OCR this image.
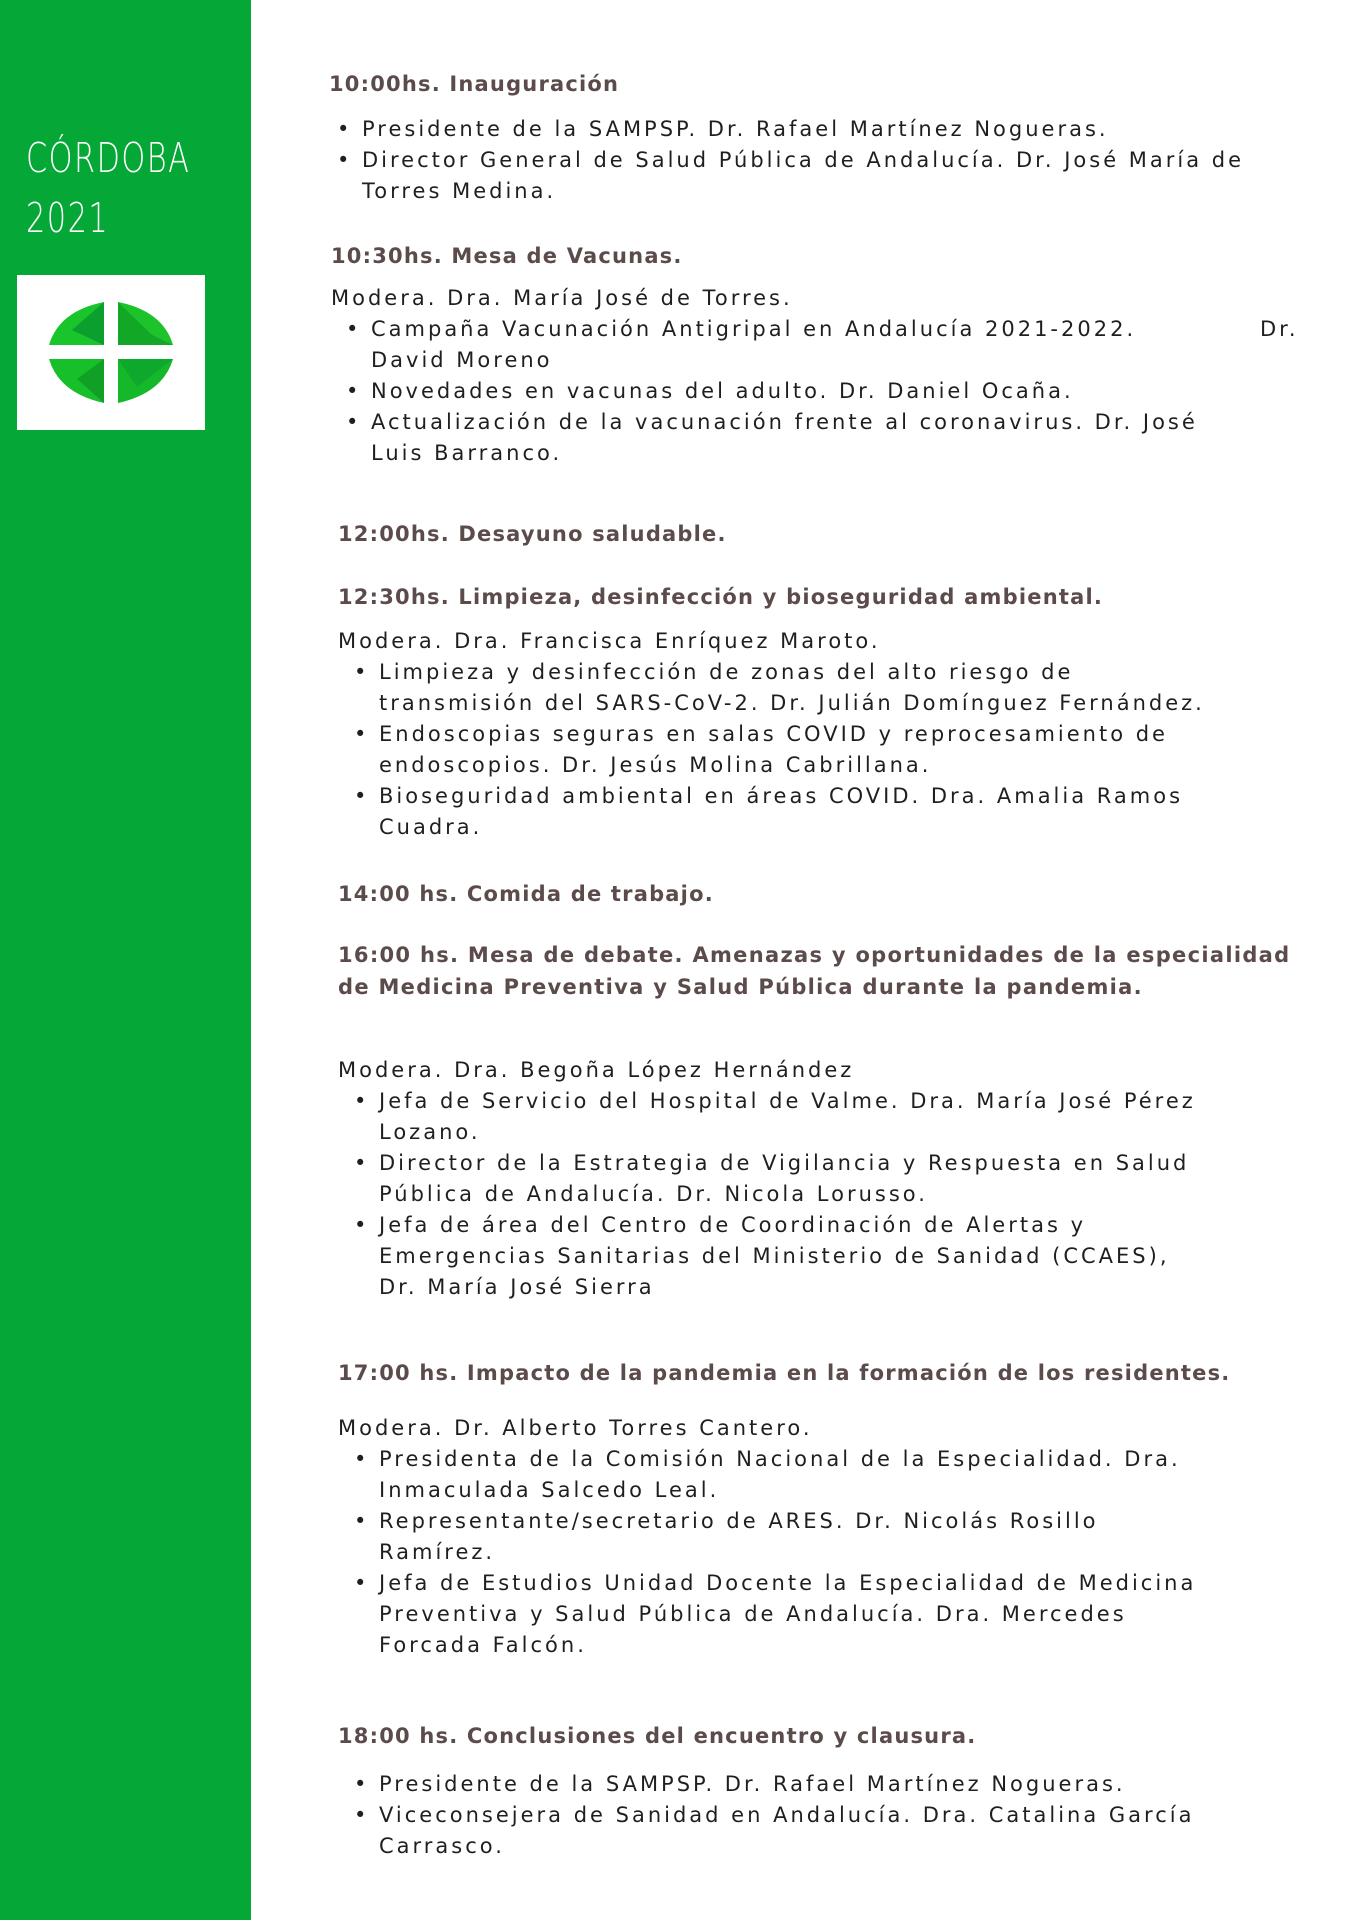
CÓRDOBA
2021
10:00hs. Inauguración
• Presidente de la SAMPSP. Dr. Rafael Martínez Nogueras.
• Director General de Salud Pública de Andalucía. Dr. José María de
Torres Medina.
10:30hs. Mesa de Vacunas.
Modera. Dra. María José de Torres.
• Campaña Vacunación Antigripal en Andalucía 2021-2022.	Dr.
David Moreno
• Novedades en vacunas del adulto. Dr. Daniel Ocaña.
• Actualización de la vacunación frente al coronavirus. Dr. José
Luis Barranco.
12:00hs. Desayuno saludable.
12:30hs. Limpieza, desinfección y bioseguridad ambiental.
Modera. Dra. Francisca Enríquez Maroto.
• Limpieza y desinfección de zonas del alto riesgo de
transmisión del SARS-CoV-2. Dr. Julián Domínguez Fernández.
• Endoscopias seguras en salas COVID y reprocesamiento de
endoscopios. Dr. Jesús Molina Cabrillana.
• Bioseguridad ambiental en áreas COVID. Dra. Amalia Ramos
Cuadra.
14:00 hs. Comida de trabajo.
16:00 hs. Mesa de debate. Amenazas y oportunidades de la especialidad de Medicina Preventiva y Salud Pública durante la pandemia.
Modera. Dra. Begoña López Hernández
• Jefa de Servicio del Hospital de Valme. Dra. María José Pérez
Lozano.
• Director de la Estrategia de Vigilancia y Respuesta en Salud
Pública de Andalucía. Dr. Nicola Lorusso.
• Jefa de área del Centro de Coordinación de Alertas y
Emergencias Sanitarias del Ministerio de Sanidad (CCAES),
Dr. María José Sierra
17:00 hs. Impacto de la pandemia en la formación de los residentes.
Modera. Dr. Alberto Torres Cantero.
• Presidenta de la Comisión Nacional de la Especialidad. Dra.
Inmaculada Salcedo Leal.
• Representante/secretario de ARES. Dr. Nicolás Rosillo
Ramírez.
• Jefa de Estudios Unidad Docente la Especialidad de Medicina
Preventiva y Salud Pública de Andalucía. Dra. Mercedes
Forcada Falcón.
18:00 hs. Conclusiones del encuentro y clausura.
• Presidente de la SAMPSP. Dr. Rafael Martínez Nogueras.
• Viceconsejera de Sanidad en Andalucía. Dra. Catalina García
Carrasco.
